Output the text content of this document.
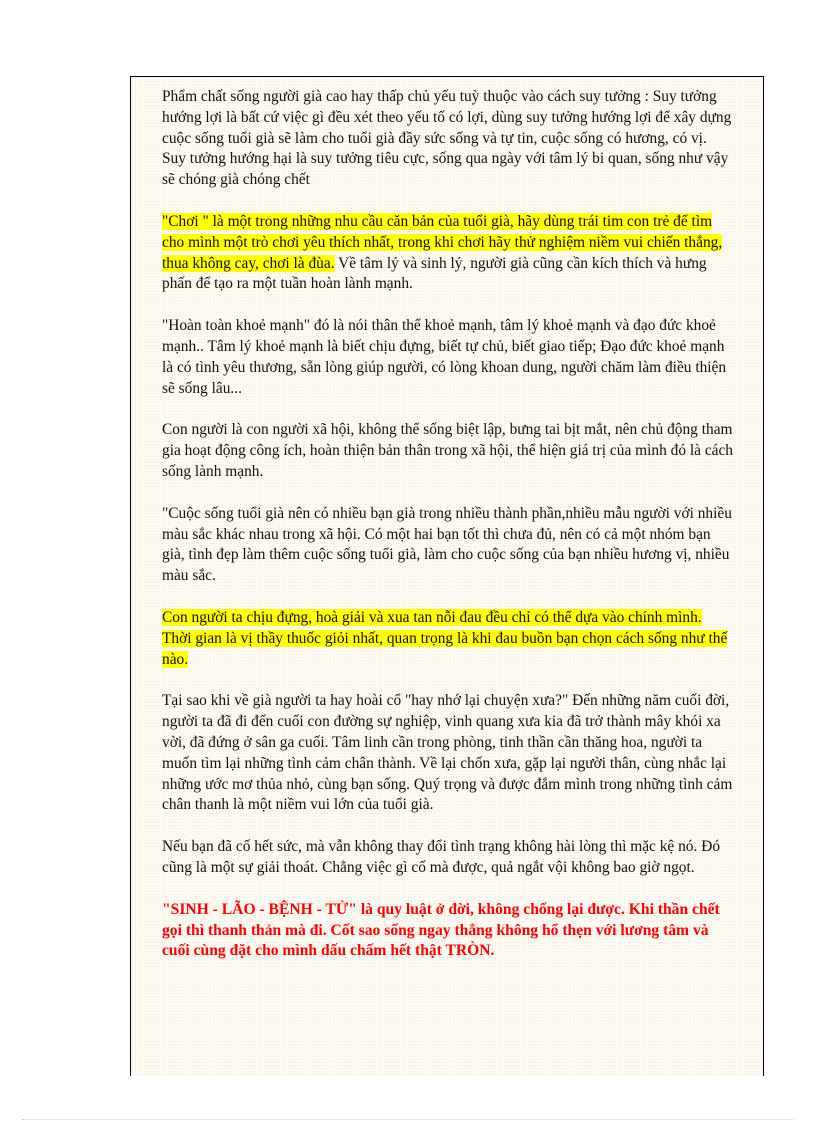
Phẩm chất sống người già cao hay thấp chủ yếu tuỳ thuộc vào cách suy tưởng : Suy tưởng hướng lợi là bất cứ việc gì đều xét theo yếu tố có lợi, dùng suy tưởng hướng lợi để xây dựng cuộc sống tuổi già sẽ làm cho tuổi già đầy sức sống và tự tin, cuộc sống có hương, có vị. Suy tưởng hướng hại là suy tưởng tiêu cực, sống qua ngày với tâm lý bi quan, sống như vậy sẽ chóng già chóng chết

"Chơi " là một trong những nhu cầu căn bản của tuổi già, hãy dùng trái tim con trẻ để tìm cho mình một trò chơi yêu thích nhất, trong khi chơi hãy thử nghiệm niềm vui chiến thắng, thua không cay, chơi là đùa. Về tâm lý và sinh lý, người già cũng cần kích thích và hưng phấn để tạo ra một tuần hoàn lành mạnh.

"Hoàn toàn khoẻ mạnh" đó là nói thân thể khoẻ mạnh, tâm lý khoẻ mạnh và đạo đức khoẻ mạnh.. Tâm lý khoẻ mạnh là biết chịu đựng, biết tự chủ, biết giao tiếp; Đạo đức khoẻ mạnh là có tình yêu thương, sẵn lòng giúp người, có lòng khoan dung, người chăm làm điều thiện sẽ sống lâu...

Con người là con người xã hội, không thể sống biệt lập, bưng tai bịt mắt, nên chủ động tham gia hoạt động công ích, hoàn thiện bản thân trong xã hội, thể hiện giá trị của mình đó là cách sống lành mạnh.

"Cuộc sống tuổi già nên có nhiều bạn già trong nhiều thành phần,nhiều mẫu người với nhiều màu sắc khác nhau trong xã hội. Có một hai bạn tốt thì chưa đủ, nên có cả một nhóm bạn già, tình đẹp làm thêm cuộc sống tuổi già, làm cho cuộc sống của bạn nhiều hương vị, nhiều màu sắc.

Con người ta chịu đựng, hoà giải và xua tan nỗi đau đều chỉ có thể dựa vào chính mình. Thời gian là vị thầy thuốc giỏi nhất, quan trọng là khi đau buồn bạn chọn cách sống như thế nào.

Tại sao khi về già người ta hay hoài cổ "hay nhớ lại chuyện xưa?" Đến những năm cuối đời, người ta đã đi đến cuối con đường sự nghiệp, vinh quang xưa kia đã trở thành mây khói xa vời, đã đứng ở sân ga cuối. Tâm linh cần trong phòng, tinh thần cần thăng hoa, người ta muốn tìm lại những tình cảm chân thành. Về lại chốn xưa, gặp lại người thân, cùng nhắc lại những ước mơ thủa nhỏ, cùng bạn sống. Quý trọng và được đắm mình trong những tình cảm chân thanh là một niềm vui lớn của tuổi già.

Nếu bạn đã cố hết sức, mà vẫn không thay đổi tình trạng không hài lòng thì mặc kệ nó. Đó cũng là một sự giải thoát. Chẳng việc gì cố mà được, quả ngắt vội không bao giờ ngọt.

"SINH - LÃO - BỆNH - TỬ" là quy luật ở đời, không chống lại được. Khi thần chết gọi thì thanh thản mà đi. Cốt sao sống ngay thẳng không hổ thẹn với lương tâm và cuối cùng đặt cho mình dấu chấm hết thật TRÒN.
